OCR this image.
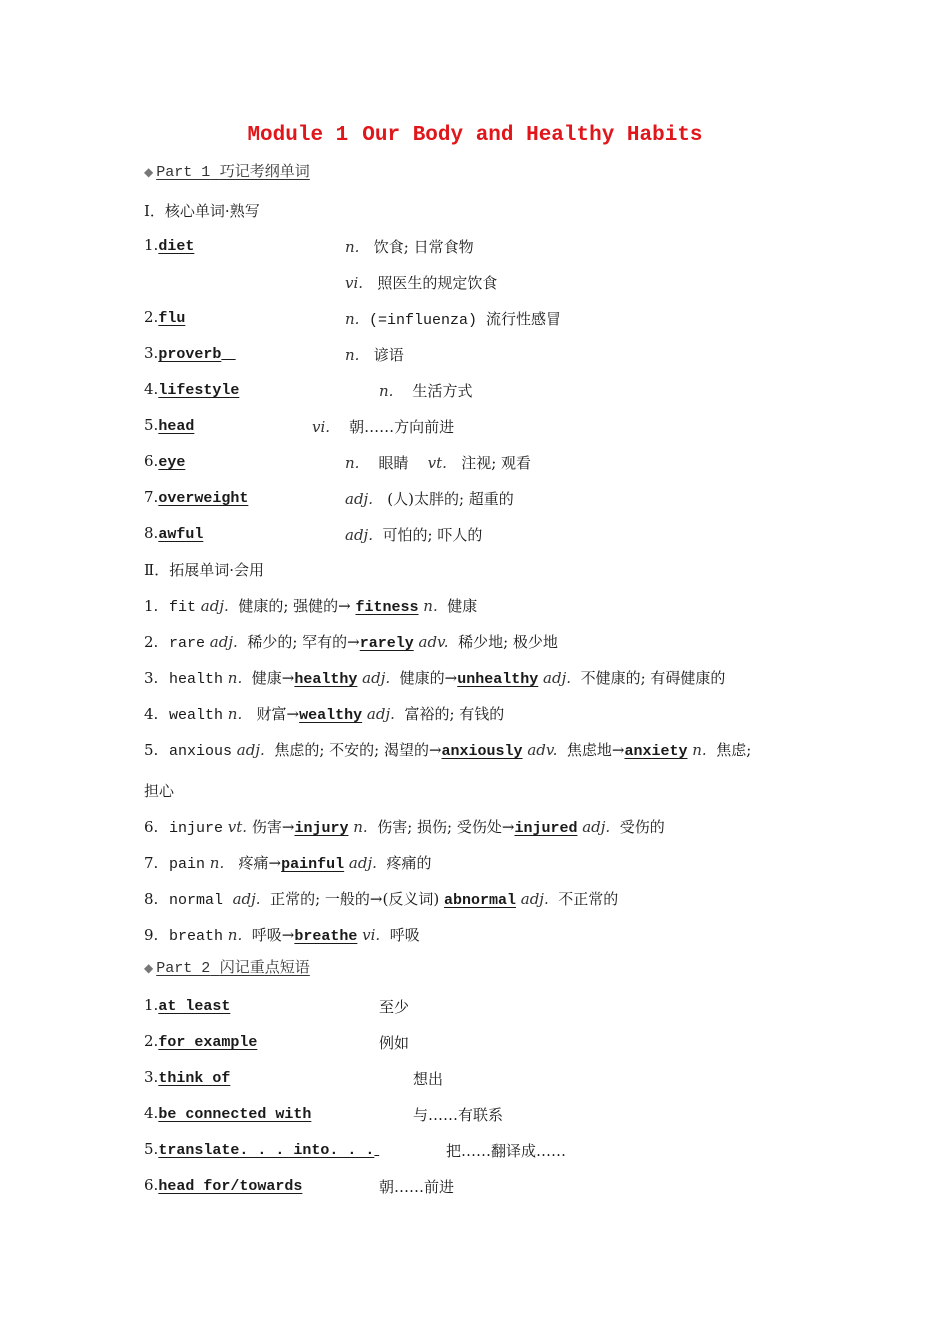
Module 1 Our Body and Healthy Habits
◆ Part 1 巧记考纲单词
Ⅰ．核心单词·熟写
1.diet	n. 饮食; 日常食物
vi. 照医生的规定饮食
2.flu	n. (=influenza) 流行性感冒
3.proverb	n. 谚语
4.lifestyle	n. 生活方式
5.head	vi. 朝……方向前进
6.eye	n. 眼睛 vt. 注视; 观看
7.overweight	adj. (人)太胖的; 超重的
8.awful	adj. 可怕的; 吓人的
Ⅱ．拓展单词·会用
1. fit adj. 健康的; 强健的→ fitness n. 健康
2. rare adj. 稀少的; 罕有的→rarely adv. 稀少地; 极少地
3. health n. 健康→healthy adj. 健康的→unhealthy adj. 不健康的; 有碍健康的
4. wealth n. 财富→wealthy adj. 富裕的; 有钱的
5. anxious adj. 焦虑的; 不安的; 渴望的→anxiously adv. 焦虑地→anxiety n. 焦虑;
担心
6. injure vt. 伤害→injury n. 伤害; 损伤; 受伤处→injured adj. 受伤的
7. pain n. 疼痛→painful adj. 疼痛的
8. normal adj. 正常的; 一般的→(反义词) abnormal adj. 不正常的
9. breath n. 呼吸→breathe vi. 呼吸
◆ Part 2 闪记重点短语
1.at least	至少
2.for example	例如
3.think of	想出
4.be connected with	与……有联系
5.translate. . . into. . .	把……翻译成……
6.head for/towards	朝……前进
